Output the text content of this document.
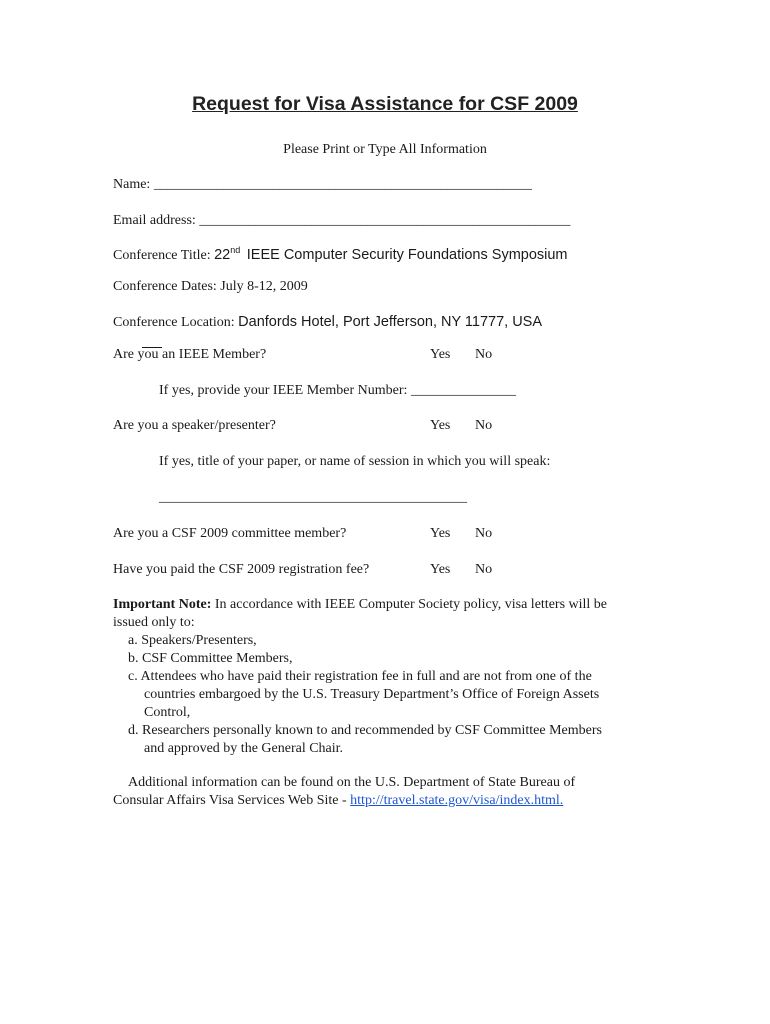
Request for Visa Assistance for CSF 2009
Please Print or Type All Information
Name: ______________________________________________________
Email address: _____________________________________________________
Conference Title: 22nd IEEE Computer Security Foundations Symposium
Conference Dates: July 8-12, 2009
Conference Location: Danfords Hotel, Port Jefferson, NY 11777, USA
Are you an IEEE Member?	Yes No
If yes, provide your IEEE Member Number: _______________
Are you a speaker/presenter?	Yes No
If yes, title of your paper, or name of session in which you will speak:
____________________________________________
Are you a CSF 2009 committee member?	Yes No
Have you paid the CSF 2009 registration fee?	Yes No
Important Note: In accordance with IEEE Computer Society policy, visa letters will be
issued only to:
a. Speakers/Presenters,
b. CSF Committee Members,
c. Attendees who have paid their registration fee in full and are not from one of the
countries embargoed by the U.S. Treasury Department’s Office of Foreign Assets
Control,
d. Researchers personally known to and recommended by CSF Committee Members
and approved by the General Chair.
Additional information can be found on the U.S. Department of State Bureau of
Consular Affairs Visa Services Web Site - http://travel.state.gov/visa/index.html.
